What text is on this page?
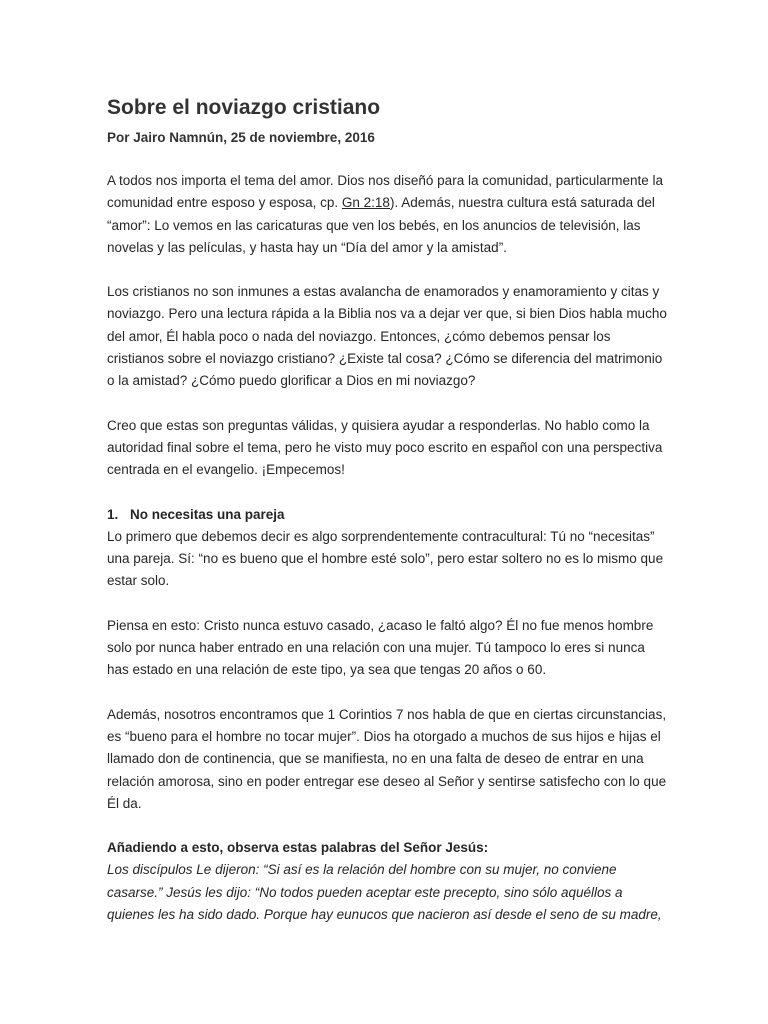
Sobre el noviazgo cristiano

Por Jairo Namnún, 25 de noviembre, 2016

A todos nos importa el tema del amor. Dios nos diseñó para la comunidad, particularmente la comunidad entre esposo y esposa, cp. Gn 2:18). Además, nuestra cultura está saturada del “amor”: Lo vemos en las caricaturas que ven los bebés, en los anuncios de televisión, las novelas y las películas, y hasta hay un “Día del amor y la amistad”.

Los cristianos no son inmunes a estas avalancha de enamorados y enamoramiento y citas y noviazgo. Pero una lectura rápida a la Biblia nos va a dejar ver que, si bien Dios habla mucho del amor, Él habla poco o nada del noviazgo. Entonces, ¿cómo debemos pensar los cristianos sobre el noviazgo cristiano? ¿Existe tal cosa? ¿Cómo se diferencia del matrimonio o la amistad? ¿Cómo puedo glorificar a Dios en mi noviazgo?

Creo que estas son preguntas válidas, y quisiera ayudar a responderlas. No hablo como la autoridad final sobre el tema, pero he visto muy poco escrito en español con una perspectiva centrada en el evangelio. ¡Empecemos!

1. No necesitas una pareja

Lo primero que debemos decir es algo sorprendentemente contracultural: Tú no “necesitas” una pareja. Sí: “no es bueno que el hombre esté solo”, pero estar soltero no es lo mismo que estar solo.

Piensa en esto: Cristo nunca estuvo casado, ¿acaso le faltó algo? Él no fue menos hombre solo por nunca haber entrado en una relación con una mujer. Tú tampoco lo eres si nunca has estado en una relación de este tipo, ya sea que tengas 20 años o 60.

Además, nosotros encontramos que 1 Corintios 7 nos habla de que en ciertas circunstancias, es “bueno para el hombre no tocar mujer”. Dios ha otorgado a muchos de sus hijos e hijas el llamado don de continencia, que se manifiesta, no en una falta de deseo de entrar en una relación amorosa, sino en poder entregar ese deseo al Señor y sentirse satisfecho con lo que Él da.

Añadiendo a esto, observa estas palabras del Señor Jesús:

Los discípulos Le dijeron: “Si así es la relación del hombre con su mujer, no conviene casarse.” Jesús les dijo: “No todos pueden aceptar este precepto, sino sólo aquéllos a quienes les ha sido dado. Porque hay eunucos que nacieron así desde el seno de su madre,
